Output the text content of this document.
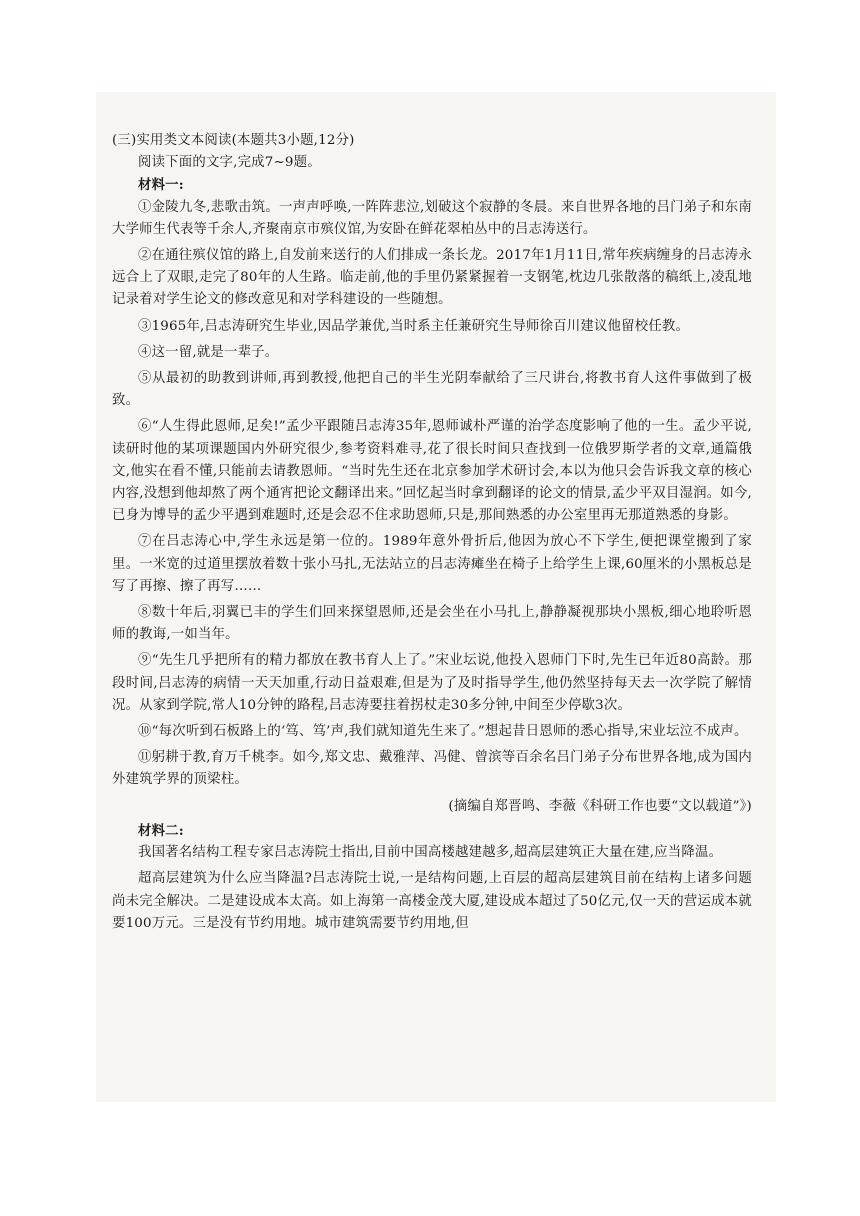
(三)实用类文本阅读(本题共3小题,12分)

阅读下面的文字,完成7~9题。

材料一:

①金陵九冬,悲歌击筑。一声声呼唤,一阵阵悲泣,划破这个寂静的冬晨。来自世界各地的吕门弟子和东南大学师生代表等千余人,齐聚南京市殡仪馆,为安卧在鲜花翠柏丛中的吕志涛送行。

②在通往殡仪馆的路上,自发前来送行的人们排成一条长龙。2017年1月11日,常年疾病缠身的吕志涛永远合上了双眼,走完了80年的人生路。临走前,他的手里仍紧紧握着一支钢笔,枕边几张散落的稿纸上,凌乱地记录着对学生论文的修改意见和对学科建设的一些随想。

③1965年,吕志涛研究生毕业,因品学兼优,当时系主任兼研究生导师徐百川建议他留校任教。

④这一留,就是一辈子。

⑤从最初的助教到讲师,再到教授,他把自己的半生光阴奉献给了三尺讲台,将教书育人这件事做到了极致。

⑥“人生得此恩师,足矣!”孟少平跟随吕志涛35年,恩师诚朴严谨的治学态度影响了他的一生。孟少平说,读研时他的某项课题国内外研究很少,参考资料难寻,花了很长时间只查找到一位俄罗斯学者的文章,通篇俄文,他实在看不懂,只能前去请教恩师。“当时先生还在北京参加学术研讨会,本以为他只会告诉我文章的核心内容,没想到他却熬了两个通宵把论文翻译出来。”回忆起当时拿到翻译的论文的情景,孟少平双目湿润。如今,已身为博导的孟少平遇到难题时,还是会忍不住求助恩师,只是,那间熟悉的办公室里再无那道熟悉的身影。

⑦在吕志涛心中,学生永远是第一位的。1989年意外骨折后,他因为放心不下学生,便把课堂搬到了家里。一米宽的过道里摆放着数十张小马扎,无法站立的吕志涛瘫坐在椅子上给学生上课,60厘米的小黑板总是写了再擦、擦了再写……

⑧数十年后,羽翼已丰的学生们回来探望恩师,还是会坐在小马扎上,静静凝视那块小黑板,细心地聆听恩师的教诲,一如当年。

⑨“先生几乎把所有的精力都放在教书育人上了。”宋业坛说,他投入恩师门下时,先生已年近80高龄。那段时间,吕志涛的病情一天天加重,行动日益艰难,但是为了及时指导学生,他仍然坚持每天去一次学院了解情况。从家到学院,常人10分钟的路程,吕志涛要拄着拐杖走30多分钟,中间至少停歇3次。

⑩“每次听到石板路上的‘笃、笃’声,我们就知道先生来了。”想起昔日恩师的悉心指导,宋业坛泣不成声。

⑪躬耕于教,育万千桃李。如今,郑文忠、戴雅萍、冯健、曾滨等百余名吕门弟子分布世界各地,成为国内外建筑学界的顶梁柱。

(摘编自郑晋鸣、李薇《科研工作也要“文以载道”》)

材料二:

我国著名结构工程专家吕志涛院士指出,目前中国高楼越建越多,超高层建筑正大量在建,应当降温。

超高层建筑为什么应当降温?吕志涛院士说,一是结构问题,上百层的超高层建筑目前在结构上诸多问题尚未完全解决。二是建设成本太高。如上海第一高楼金茂大厦,建设成本超过了50亿元,仅一天的营运成本就要100万元。三是没有节约用地。城市建筑需要节约用地,但
